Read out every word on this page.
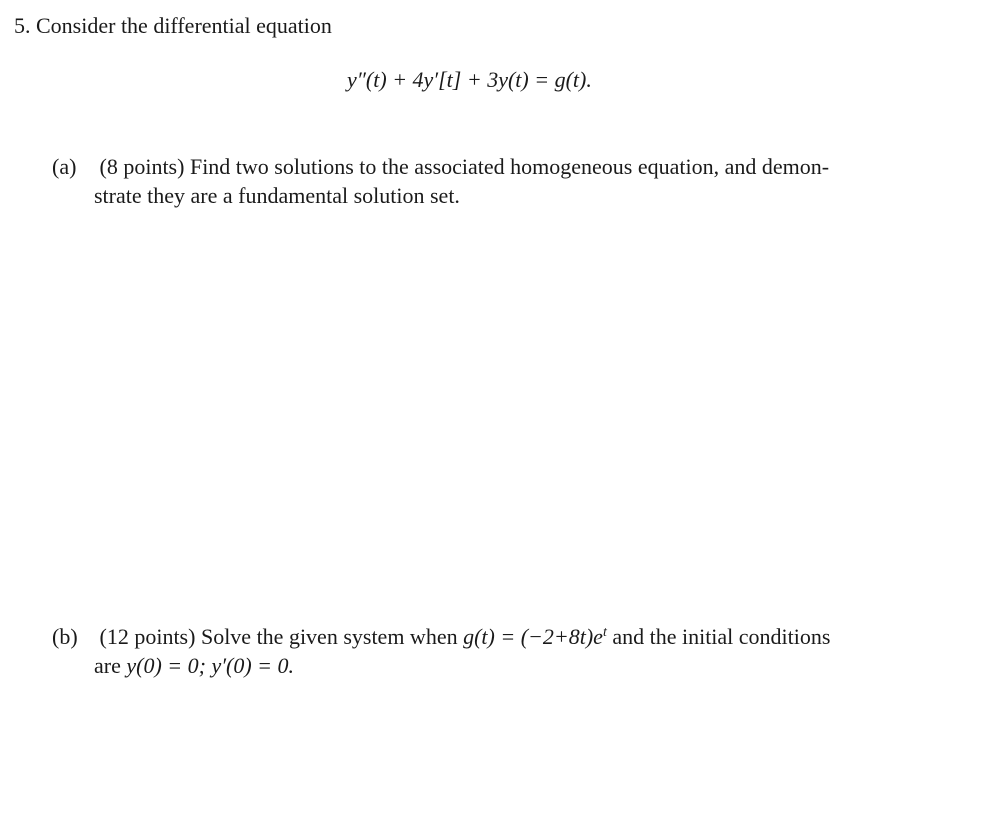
5. Consider the differential equation
y″(t) + 4y′[t] + 3y(t) = g(t).
(a) (8 points) Find two solutions to the associated homogeneous equation, and demon-
strate they are a fundamental solution set.
(b) (12 points) Solve the given system when $g(t) = (-2+8t)e^t$ and the initial conditions
are y(0) = 0; y′(0) = 0.
